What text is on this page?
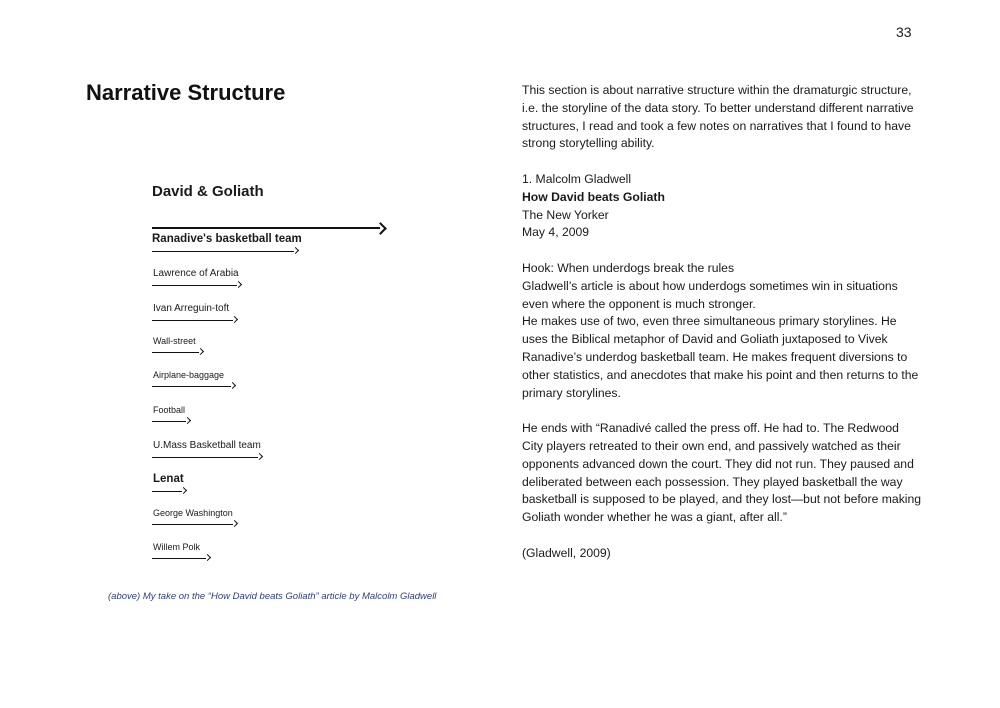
33
Narrative Structure
David & Goliath
Ranadive's basketball team
Lawrence of Arabia
Ivan Arreguin-toft
Wall-street
Airplane-baggage
Football
U.Mass Basketball team
Lenat
George Washington
Willem Polk
(above) My take on the “How David beats Goliath” article by Malcolm Gladwell

This section is about narrative structure within the dramaturgic structure, i.e. the storyline of the data story. To better understand different narrative structures, I read and took a few notes on narratives that I found to have strong storytelling ability.

1. Malcolm Gladwell
How David beats Goliath
The New Yorker
May 4, 2009

Hook: When underdogs break the rules
Gladwell’s article is about how underdogs sometimes win in situations even where the opponent is much stronger.
He makes use of two, even three simultaneous primary storylines. He uses the Biblical metaphor of David and Goliath juxtaposed to Vivek Ranadive’s underdog basketball team. He makes frequent diversions to other statistics, and anecdotes that make his point and then returns to the primary storylines.

He ends with “Ranadivé called the press off. He had to. The Redwood City players retreated to their own end, and passively watched as their opponents advanced down the court. They did not run. They paused and deliberated between each possession. They played basketball the way basketball is supposed to be played, and they lost—but not before making Goliath wonder whether he was a giant, after all.”

(Gladwell, 2009)
